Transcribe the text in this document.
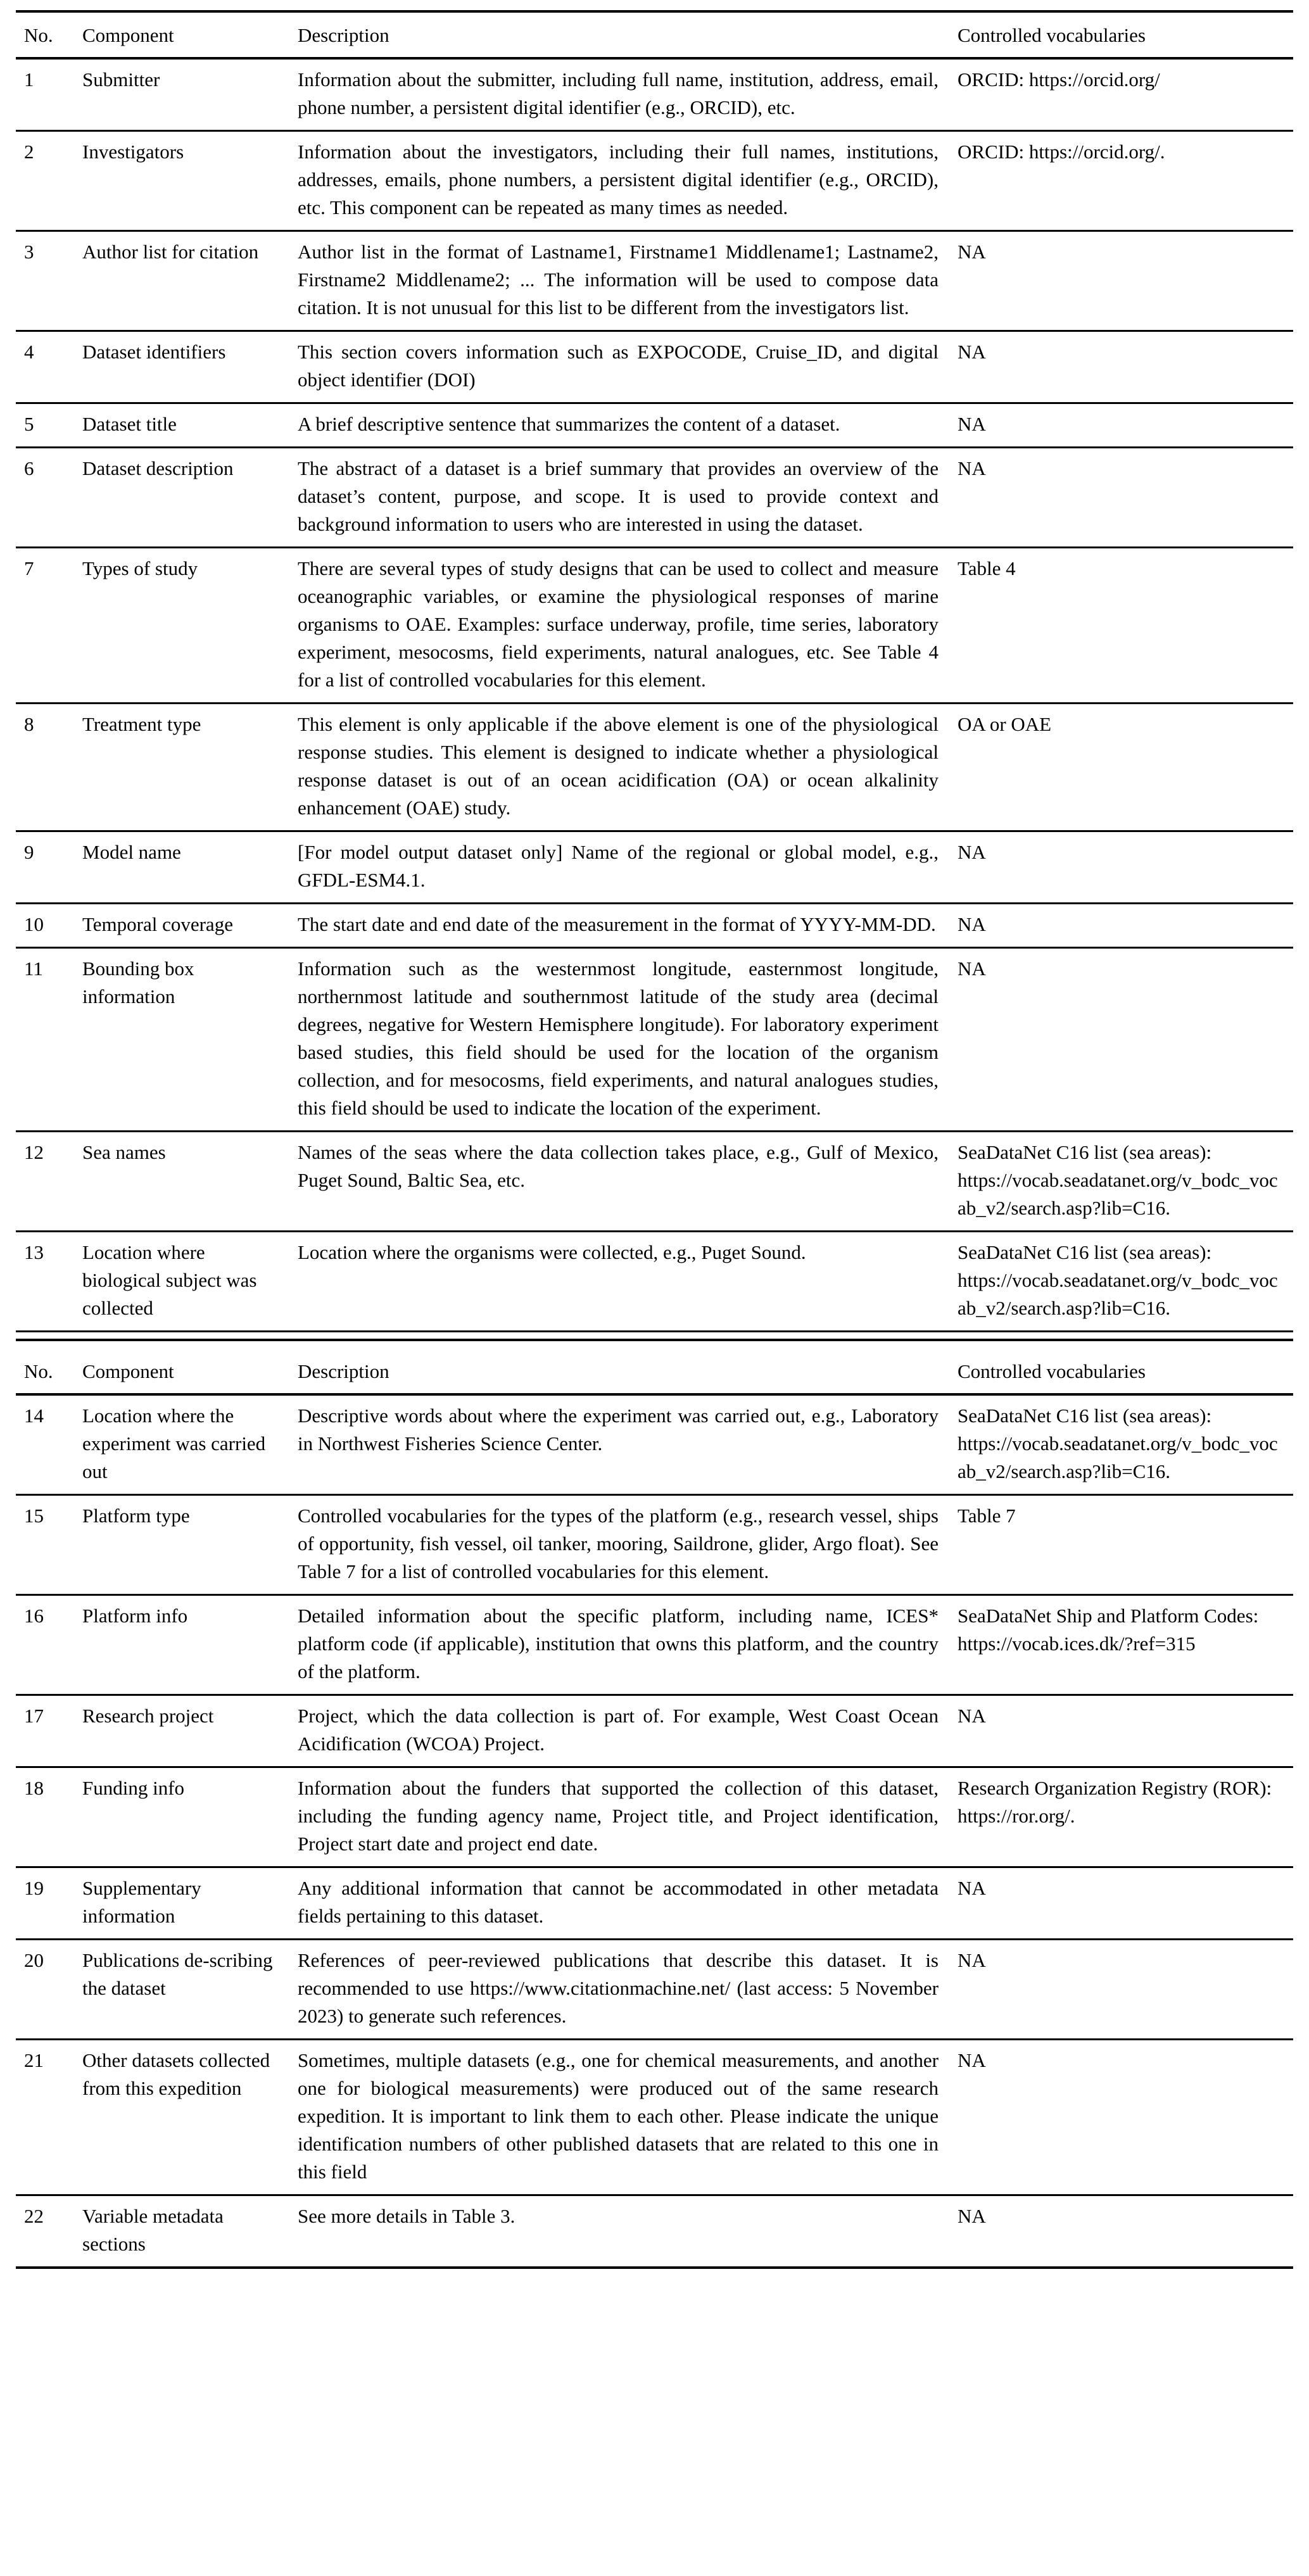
No.	Component	Description	Controlled vocabularies
1	Submitter	Information about the submitter, including full name, institution, address, email, phone number, a persistent digital identifier (e.g., ORCID), etc.	ORCID: https://orcid.org/
2	Investigators	Information about the investigators, including their full names, institutions, addresses, emails, phone numbers, a persistent digital identifier (e.g., ORCID), etc. This component can be repeated as many times as needed.	ORCID: https://orcid.org/.
3	Author list for citation	Author list in the format of Lastname1, Firstname1 Middlename1; Lastname2, Firstname2 Middlename2; ... The information will be used to compose data citation. It is not unusual for this list to be different from the investigators list.	NA
4	Dataset identifiers	This section covers information such as EXPOCODE, Cruise_ID, and digital object identifier (DOI)	NA
5	Dataset title	A brief descriptive sentence that summarizes the content of a dataset.	NA
6	Dataset description	The abstract of a dataset is a brief summary that provides an overview of the dataset’s content, purpose, and scope. It is used to provide context and background information to users who are interested in using the dataset.	NA
7	Types of study	There are several types of study designs that can be used to collect and measure oceanographic variables, or examine the physiological responses of marine organisms to OAE. Examples: surface underway, profile, time series, laboratory experiment, mesocosms, field experiments, natural analogues, etc. See Table 4 for a list of controlled vocabularies for this element.	Table 4
8	Treatment type	This element is only applicable if the above element is one of the physiological response studies. This element is designed to indicate whether a physiological response dataset is out of an ocean acidification (OA) or ocean alkalinity enhancement (OAE) study.	OA or OAE
9	Model name	[For model output dataset only] Name of the regional or global model, e.g., GFDL-ESM4.1.	NA
10	Temporal coverage	The start date and end date of the measurement in the format of YYYY-MM-DD.	NA
11	Bounding box information	Information such as the westernmost longitude, easternmost longitude, northernmost latitude and southernmost latitude of the study area (decimal degrees, negative for Western Hemisphere longitude). For laboratory experiment based studies, this field should be used for the location of the organism collection, and for mesocosms, field experiments, and natural analogues studies, this field should be used to indicate the location of the experiment.	NA
12	Sea names	Names of the seas where the data collection takes place, e.g., Gulf of Mexico, Puget Sound, Baltic Sea, etc.	SeaDataNet C16 list (sea areas): https://vocab.seadatanet.org/v_bodc_vocab_v2/search.asp?lib=C16.
13	Location where biological subject was collected	Location where the organisms were collected, e.g., Puget Sound.	SeaDataNet C16 list (sea areas): https://vocab.seadatanet.org/v_bodc_vocab_v2/search.asp?lib=C16.

No.	Component	Description	Controlled vocabularies
14	Location where the experiment was carried out	Descriptive words about where the experiment was carried out, e.g., Laboratory in Northwest Fisheries Science Center.	SeaDataNet C16 list (sea areas): https://vocab.seadatanet.org/v_bodc_vocab_v2/search.asp?lib=C16.
15	Platform type	Controlled vocabularies for the types of the platform (e.g., research vessel, ships of opportunity, fish vessel, oil tanker, mooring, Saildrone, glider, Argo float). See Table 7 for a list of controlled vocabularies for this element.	Table 7
16	Platform info	Detailed information about the specific platform, including name, ICES* platform code (if applicable), institution that owns this platform, and the country of the platform.	SeaDataNet Ship and Platform Codes: https://vocab.ices.dk/?ref=315
17	Research project	Project, which the data collection is part of. For example, West Coast Ocean Acidification (WCOA) Project.	NA
18	Funding info	Information about the funders that supported the collection of this dataset, including the funding agency name, Project title, and Project identification, Project start date and project end date.	Research Organization Registry (ROR): https://ror.org/.
19	Supplementary information	Any additional information that cannot be accommodated in other metadata fields pertaining to this dataset.	NA
20	Publications de-scribing the dataset	References of peer-reviewed publications that describe this dataset. It is recommended to use https://www.citationmachine.net/ (last access: 5 November 2023) to generate such references.	NA
21	Other datasets collected from this expedition	Sometimes, multiple datasets (e.g., one for chemical measurements, and another one for biological measurements) were produced out of the same research expedition. It is important to link them to each other. Please indicate the unique identification numbers of other published datasets that are related to this one in this field	NA
22	Variable metadata sections	See more details in Table 3.	NA
